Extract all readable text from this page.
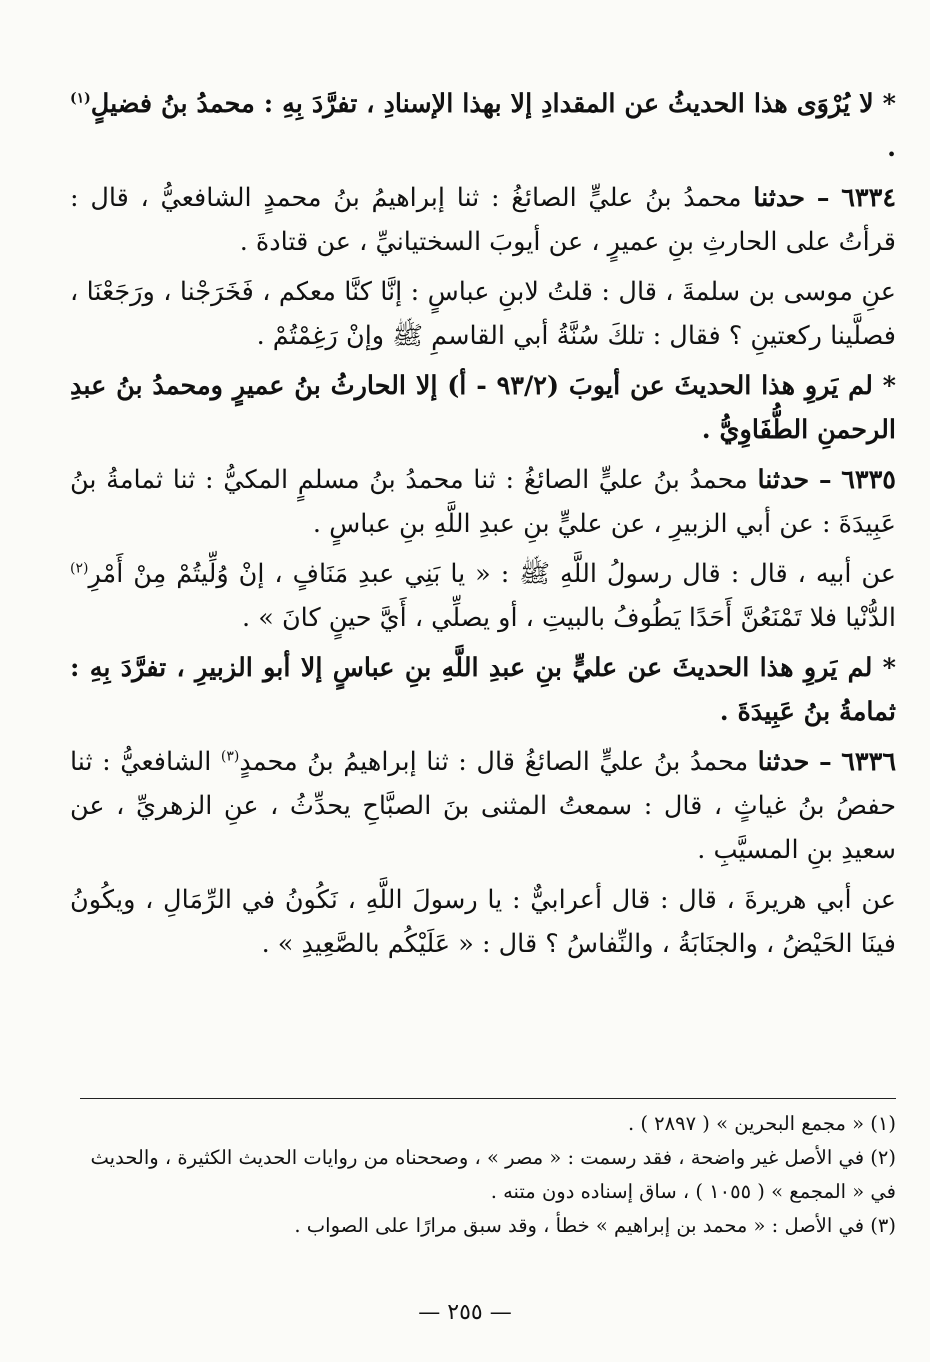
* لا يُرْوَى هذا الحديثُ عن المقدادِ إلا بهذا الإسنادِ ، تفرَّدَ بِهِ : محمدُ بنُ فضيلٍ$^{(١)}$ .

٦٣٣٤ – حدثنا محمدُ بنُ عليٍّ الصائغُ : ثنا إبراهيمُ بنُ محمدٍ الشافعيُّ ، قال : قرأتُ على الحارثِ بنِ عميرٍ ، عن أيوبَ السختيانيِّ ، عن قتادةَ .

عنِ موسى بن سلمةَ ، قال : قلتُ لابنِ عباسٍ : إنَّا كنَّا معكم ، فَخَرَجْنا ، ورَجَعْنَا ، فصلَّينا ركعتينِ ؟ فقال : تلكَ سُنَّةُ أبي القاسمِ ﷺ وإنْ رَغِمْتُمْ .

* لم يَروِ هذا الحديثَ عن أيوبَ (٩٣/٢ - أ) إلا الحارثُ بنُ عميرٍ ومحمدُ بنُ عبدِ الرحمنِ الطُّفَاوِيُّ .

٦٣٣٥ – حدثنا محمدُ بنُ عليٍّ الصائغُ : ثنا محمدُ بنُ مسلمٍ المكيُّ : ثنا ثمامةُ بنُ عَبِيدَةَ : عن أبي الزبيرِ ، عن عليٍّ بنِ عبدِ اللَّهِ بنِ عباسٍ .

عن أبيه ، قال : قال رسولُ اللَّهِ ﷺ : « يا بَنِي عبدِ مَنَافٍ ، إنْ وُلِّيتُمْ مِنْ أَمْرِ$^{(٢)}$ الدُّنْيا فلا تَمْنَعُنَّ أَحَدًا يَطُوفُ بالبيتِ ، أو يصلِّي ، أَيَّ حينٍ كانَ » .

* لم يَروِ هذا الحديثَ عن عليٍّ بنِ عبدِ اللَّهِ بنِ عباسٍ إلا أبو الزبيرِ ، تفرَّدَ بِهِ : ثمامةُ بنُ عَبِيدَةَ .

٦٣٣٦ – حدثنا محمدُ بنُ عليٍّ الصائغُ قال : ثنا إبراهيمُ بنُ محمدٍ$^{(٣)}$ الشافعيُّ : ثنا حفصُ بنُ غياثٍ ، قال : سمعتُ المثنى بنَ الصبَّاحِ يحدِّثُ ، عنِ الزهريِّ ، عن سعيدِ بنِ المسيَّبِ .

عن أبي هريرةَ ، قال : قال أعرابيٌّ : يا رسولَ اللَّهِ ، نَكُونُ في الرِّمَالِ ، ويكُونُ فينَا الحَيْضُ ، والجنَابَةُ ، والنِّفاسُ ؟ قال : « عَلَيْكُم بالصَّعِيدِ » .

(١) « مجمع البحرين » ( ٢٨٩٧ ) .

(٢) في الأصل غير واضحة ، فقد رسمت : « مصر » ، وصححناه من روايات الحديث الكثيرة ، والحديث في « المجمع » ( ١٠٥٥ ) ، ساق إسناده دون متنه .

(٣) في الأصل : « محمد بن إبراهيم » خطأ ، وقد سبق مرارًا على الصواب .

— ٢٥٥ —
